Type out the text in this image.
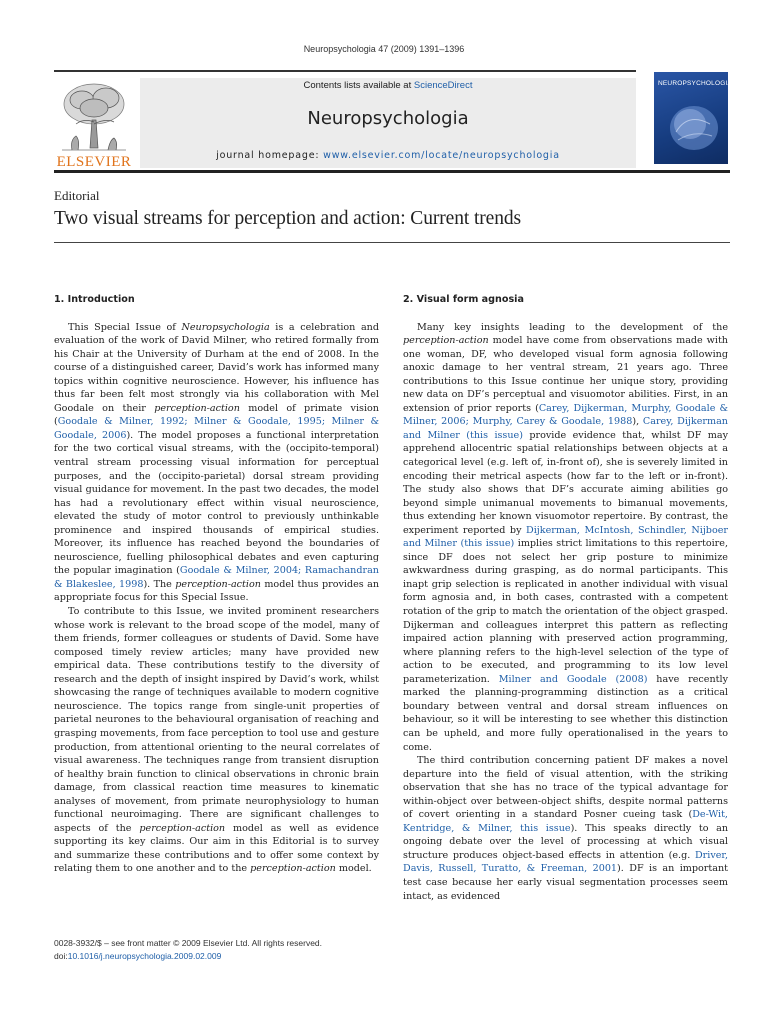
Neuropsychologia 47 (2009) 1391–1396
ELSEVIER
Contents lists available at ScienceDirect
Neuropsychologia
journal homepage: www.elsevier.com/locate/neuropsychologia
NEUROPSYCHOLOGIA
Editorial
Two visual streams for perception and action: Current trends
1. Introduction

This Special Issue of Neuropsychologia is a celebration and evaluation of the work of David Milner, who retired formally from his Chair at the University of Durham at the end of 2008. In the course of a distinguished career, David’s work has informed many topics within cognitive neuroscience. However, his influence has thus far been felt most strongly via his collaboration with Mel Goodale on their perception-action model of primate vision (Goodale & Milner, 1992; Milner & Goodale, 1995; Milner & Goodale, 2006). The model proposes a functional interpretation for the two cortical visual streams, with the (occipito-temporal) ventral stream processing visual information for perceptual purposes, and the (occipito-parietal) dorsal stream providing visual guidance for movement. In the past two decades, the model has had a revolutionary effect within visual neuroscience, elevated the study of motor control to previously unthinkable prominence and inspired thousands of empirical studies. Moreover, its influence has reached beyond the boundaries of neuroscience, fuelling philosophical debates and even capturing the popular imagination (Goodale & Milner, 2004; Ramachandran & Blakeslee, 1998). The perception-action model thus provides an appropriate focus for this Special Issue.

To contribute to this Issue, we invited prominent researchers whose work is relevant to the broad scope of the model, many of them friends, former colleagues or students of David. Some have composed timely review articles; many have provided new empirical data. These contributions testify to the diversity of research and the depth of insight inspired by David’s work, whilst showcasing the range of techniques available to modern cognitive neuroscience. The topics range from single-unit properties of parietal neurones to the behavioural organisation of reaching and grasping movements, from face perception to tool use and gesture production, from attentional orienting to the neural correlates of visual awareness. The techniques range from transient disruption of healthy brain function to clinical observations in chronic brain damage, from classical reaction time measures to kinematic analyses of movement, from primate neurophysiology to human functional neuroimaging. There are significant challenges to aspects of the perception-action model as well as evidence supporting its key claims. Our aim in this Editorial is to survey and summarize these contributions and to offer some context by relating them to one another and to the perception-action model.

2. Visual form agnosia

Many key insights leading to the development of the perception-action model have come from observations made with one woman, DF, who developed visual form agnosia following anoxic damage to her ventral stream, 21 years ago. Three contributions to this Issue continue her unique story, providing new data on DF’s perceptual and visuomotor abilities. First, in an extension of prior reports (Carey, Dijkerman, Murphy, Goodale & Milner, 2006; Murphy, Carey & Goodale, 1988), Carey, Dijkerman and Milner (this issue) provide evidence that, whilst DF may apprehend allocentric spatial relationships between objects at a categorical level (e.g. left of, in-front of), she is severely limited in encoding their metrical aspects (how far to the left or in-front). The study also shows that DF’s accurate aiming abilities go beyond simple unimanual movements to bimanual movements, thus extending her known visuomotor repertoire. By contrast, the experiment reported by Dijkerman, McIntosh, Schindler, Nijboer and Milner (this issue) implies strict limitations to this repertoire, since DF does not select her grip posture to minimize awkwardness during grasping, as do normal participants. This inapt grip selection is replicated in another individual with visual form agnosia and, in both cases, contrasted with a competent rotation of the grip to match the orientation of the object grasped. Dijkerman and colleagues interpret this pattern as reflecting impaired action planning with preserved action programming, where planning refers to the high-level selection of the type of action to be executed, and programming to its low level parameterization. Milner and Goodale (2008) have recently marked the planning-programming distinction as a critical boundary between ventral and dorsal stream influences on behaviour, so it will be interesting to see whether this distinction can be upheld, and more fully operationalised in the years to come.

The third contribution concerning patient DF makes a novel departure into the field of visual attention, with the striking observation that she has no trace of the typical advantage for within-object over between-object shifts, despite normal patterns of covert orienting in a standard Posner cueing task (De-Wit, Kentridge, & Milner, this issue). This speaks directly to an ongoing debate over the level of processing at which visual structure produces object-based effects in attention (e.g. Driver, Davis, Russell, Turatto, & Freeman, 2001). DF is an important test case because her early visual segmentation processes seem intact, as evidenced

0028-3932/$ – see front matter © 2009 Elsevier Ltd. All rights reserved.
doi:10.1016/j.neuropsychologia.2009.02.009
